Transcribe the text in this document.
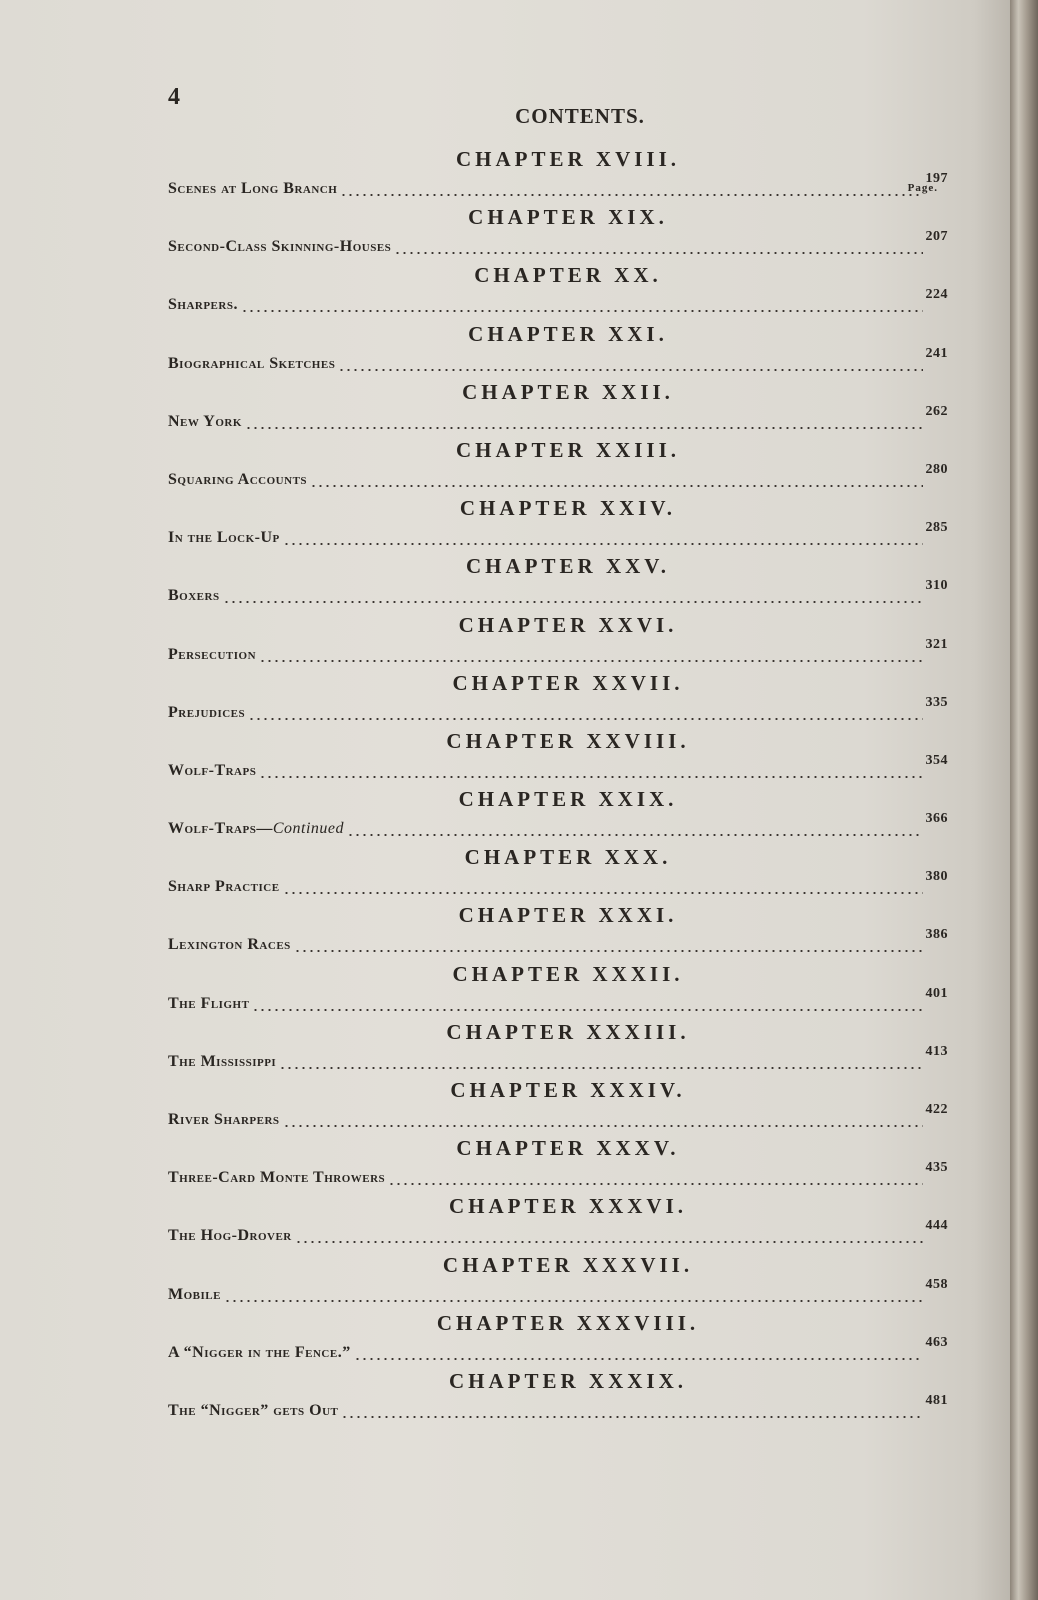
4
CONTENTS.
Page.
CHAPTER XVIII.
Scenes at Long Branch
197
CHAPTER XIX.
Second-Class Skinning-Houses
207
CHAPTER XX.
Sharpers.
224
CHAPTER XXI.
Biographical Sketches
241
CHAPTER XXII.
New York
262
CHAPTER XXIII.
Squaring Accounts
280
CHAPTER XXIV.
In the Lock-Up
285
CHAPTER XXV.
Boxers
310
CHAPTER XXVI.
Persecution
321
CHAPTER XXVII.
Prejudices
335
CHAPTER XXVIII.
Wolf-Traps
354
CHAPTER XXIX.
Wolf-Traps—Continued
366
CHAPTER XXX.
Sharp Practice
380
CHAPTER XXXI.
Lexington Races
386
CHAPTER XXXII.
The Flight
401
CHAPTER XXXIII.
The Mississippi
413
CHAPTER XXXIV.
River Sharpers
422
CHAPTER XXXV.
Three-Card Monte Throwers
435
CHAPTER XXXVI.
The Hog-Drover
444
CHAPTER XXXVII.
Mobile
458
CHAPTER XXXVIII.
A “Nigger in the Fence.”
463
CHAPTER XXXIX.
The “Nigger” gets Out
481
